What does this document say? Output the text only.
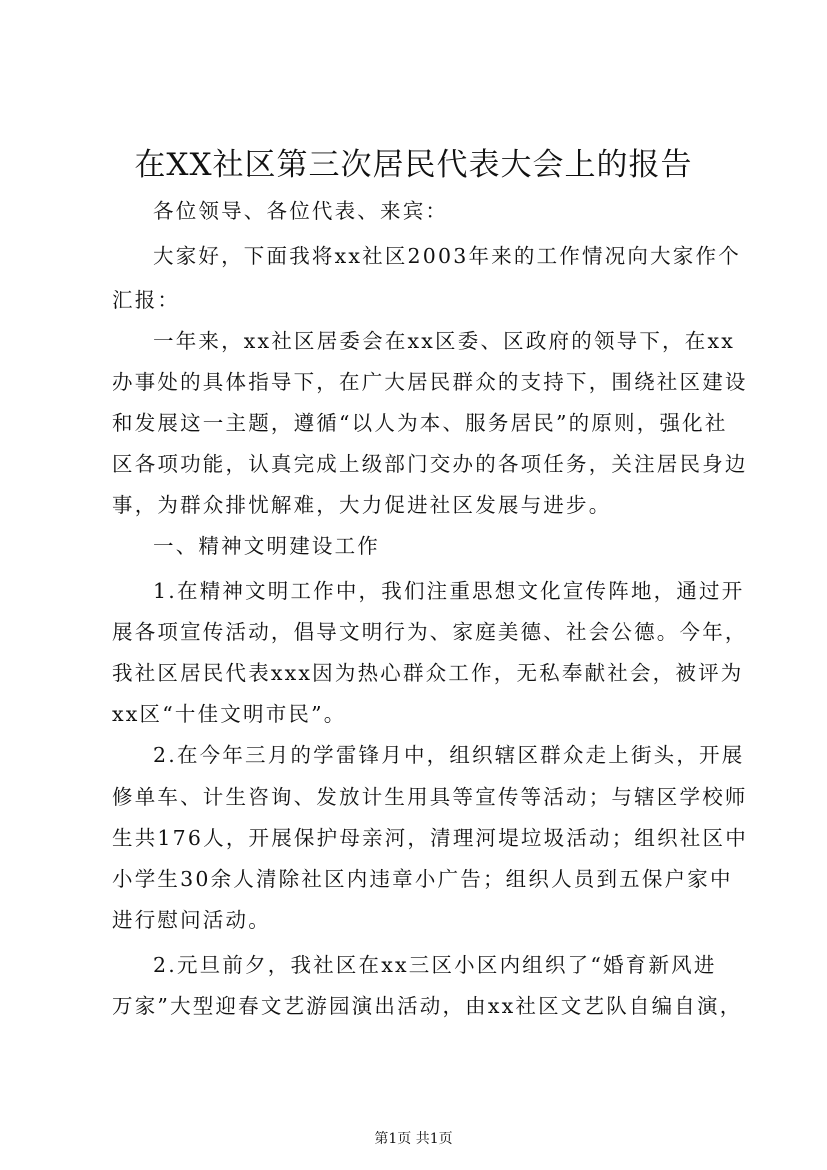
在XX社区第三次居民代表大会上的报告
各位领导、各位代表、来宾：
大家好，下面我将xx社区2003年来的工作情况向大家作个
汇报：
一年来，xx社区居委会在xx区委、区政府的领导下，在xx
办事处的具体指导下，在广大居民群众的支持下，围绕社区建设
和发展这一主题，遵循“以人为本、服务居民”的原则，强化社
区各项功能，认真完成上级部门交办的各项任务，关注居民身边
事，为群众排忧解难，大力促进社区发展与进步。
一、精神文明建设工作
1.在精神文明工作中，我们注重思想文化宣传阵地，通过开
展各项宣传活动，倡导文明行为、家庭美德、社会公德。今年，
我社区居民代表xxx因为热心群众工作，无私奉献社会，被评为
xx区“十佳文明市民”。
2.在今年三月的学雷锋月中，组织辖区群众走上街头，开展
修单车、计生咨询、发放计生用具等宣传等活动；与辖区学校师
生共176人，开展保护母亲河，清理河堤垃圾活动；组织社区中
小学生30余人清除社区内违章小广告；组织人员到五保户家中
进行慰问活动。
2.元旦前夕，我社区在xx三区小区内组织了“婚育新风进
万家”大型迎春文艺游园演出活动，由xx社区文艺队自编自演，
第1页 共1页
